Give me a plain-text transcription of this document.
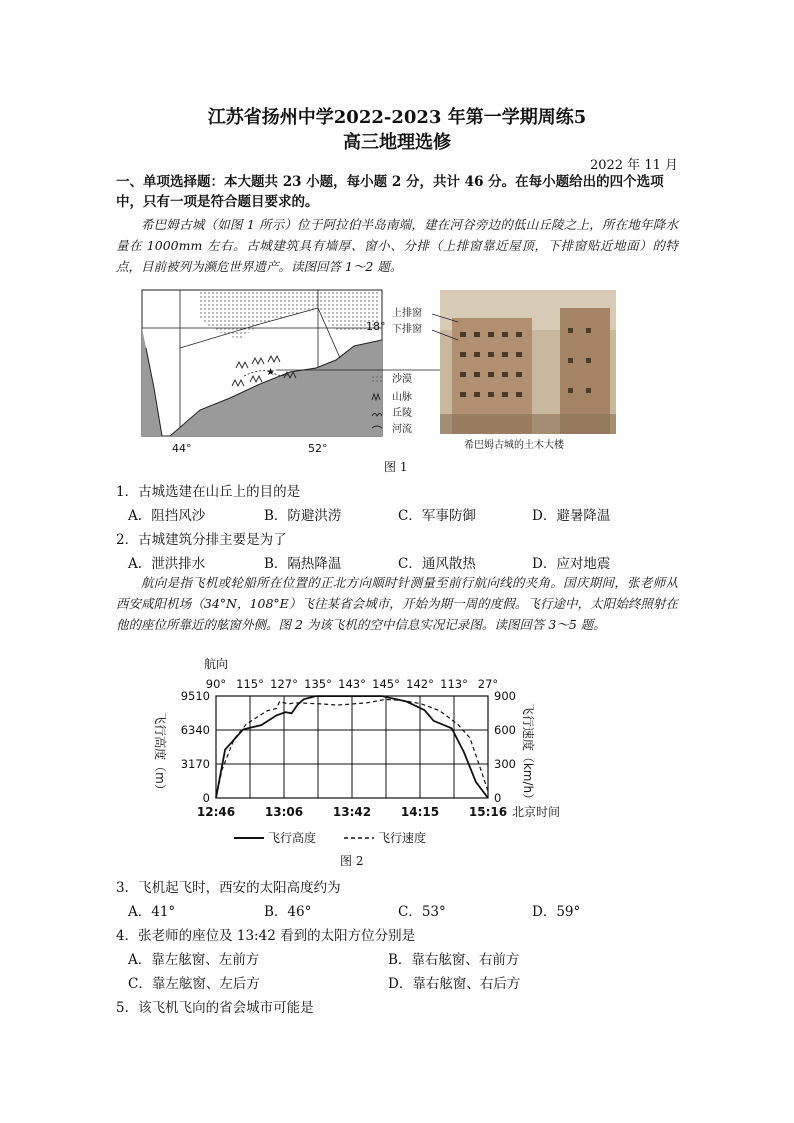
江苏省扬州中学2022-2023 年第一学期周练5
高三地理选修
2022 年 11 月
一、单项选择题：本大题共 23 小题，每小题 2 分，共计 46 分。在每小题给出的四个选项中，只有一项是符合题目要求的。
希巴姆古城（如图 1 所示）位于阿拉伯半岛南端，建在河谷旁边的低山丘陵之上，所在地年降水量在 1000mm 左右。古城建筑具有墙厚、窗小、分排（上排窗靠近屋顶，下排窗贴近地面）的特点，目前被列为濒危世界遗产。读图回答 1～2 题。
★
18°
44°	52°
沙漠
山脉
丘陵
河流
上排窗
下排窗
希巴姆古城的土木大楼
图 1
1．古城选建在山丘上的目的是
A．阻挡风沙	B．防避洪涝	C．军事防御	D．避暑降温
2．古城建筑分排主要是为了
A．泄洪排水	B．隔热降温	C．通风散热	D．应对地震
航向是指飞机或轮船所在位置的正北方向顺时针测量至前行航向线的夹角。国庆期间，张老师从西安咸阳机场（34°N，108°E）飞往某省会城市，开始为期一周的度假。飞行途中，太阳始终照射在他的座位所靠近的舷窗外侧。图 2 为该飞机的空中信息实况记录图。读图回答 3～5 题。
航向
90° 115° 127° 135° 143° 145° 142° 113° 27°
0
3170
6340
9510
0
300
600
900
12:46 13:06 13:42 14:15 15:16
飞行高度（m）	飞行速度（km/h）
北京时间
飞行高度	飞行速度
图 2
3．飞机起飞时，西安的太阳高度约为
A．41°	B．46°	C．53°	D．59°
4．张老师的座位及 13:42 看到的太阳方位分别是
A．靠左舷窗、左前方	B．靠右舷窗、右前方
C．靠左舷窗、左后方	D．靠右舷窗、右后方
5．该飞机飞向的省会城市可能是
